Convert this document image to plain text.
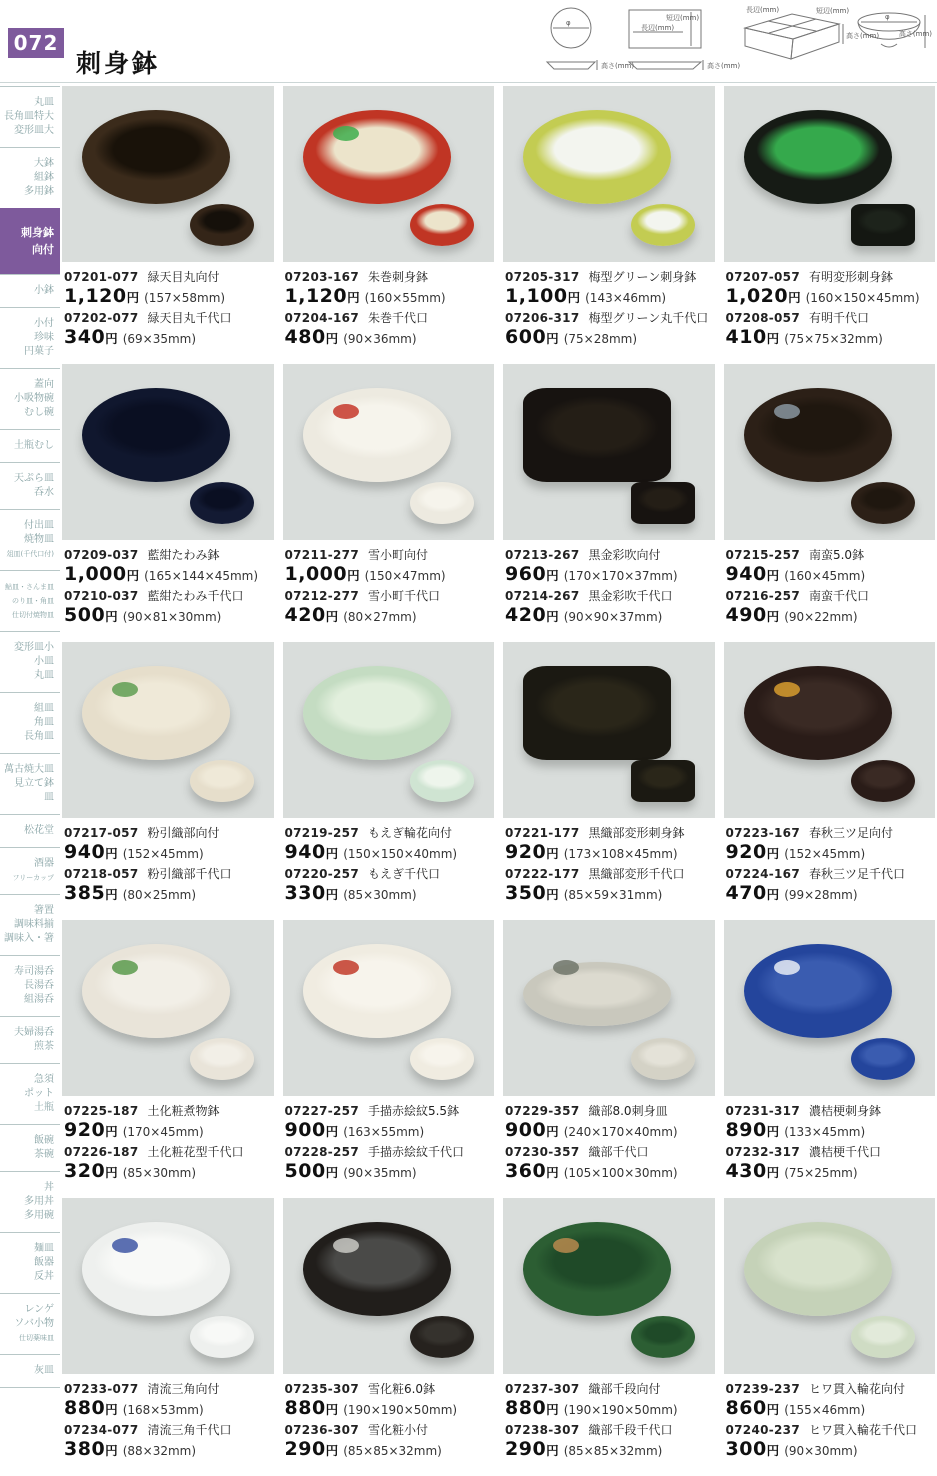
072
刺身鉢
φ
高さ(mm)
長辺(mm)
短辺(mm)
高さ(mm)
長辺(mm)	短辺(mm)
高さ(mm)
φ
高さ(mm)
丸皿
長角皿特大
変形皿大
大鉢
組鉢
多用鉢
刺身鉢
向付
小鉢
小付
珍味
円菓子
蓋向
小吸物碗
むし碗
土瓶むし
天ぷら皿
呑水
付出皿
焼物皿
俎皿(千代口付)
鮎皿・さんま皿
のり皿・角皿
仕切付焼物皿
変形皿小
小皿
丸皿
組皿
角皿
長角皿
萬古焼大皿
見立て鉢
皿
松花堂
酒器
フリーカップ
箸置
調味料揃
調味入・箸
寿司湯呑
長湯呑
組湯呑
夫婦湯呑
煎茶
急須
ポット
土瓶
飯碗
茶碗
丼
多用丼
多用碗
麺皿
飯器
反丼
レンゲ
ソバ小物
仕切薬味皿
灰皿
07201-077 緑天目丸向付
1,120円 (157×58mm)
07202-077 緑天目丸千代口
340円 (69×35mm)
07203-167 朱巻刺身鉢
1,120円 (160×55mm)
07204-167 朱巻千代口
480円 (90×36mm)
07205-317 梅型グリーン刺身鉢
1,100円 (143×46mm)
07206-317 梅型グリーン丸千代口
600円 (75×28mm)
07207-057 有明変形刺身鉢
1,020円 (160×150×45mm)
07208-057 有明千代口
410円 (75×75×32mm)
07209-037 藍紺たわみ鉢
1,000円 (165×144×45mm)
07210-037 藍紺たわみ千代口
500円 (90×81×30mm)
07211-277 雪小町向付
1,000円 (150×47mm)
07212-277 雪小町千代口
420円 (80×27mm)
07213-267 黒金彩吹向付
960円 (170×170×37mm)
07214-267 黒金彩吹千代口
420円 (90×90×37mm)
07215-257 南蛮5.0鉢
940円 (160×45mm)
07216-257 南蛮千代口
490円 (90×22mm)
07217-057 粉引織部向付
940円 (152×45mm)
07218-057 粉引織部千代口
385円 (80×25mm)
07219-257 もえぎ輪花向付
940円 (150×150×40mm)
07220-257 もえぎ千代口
330円 (85×30mm)
07221-177 黒織部変形刺身鉢
920円 (173×108×45mm)
07222-177 黒織部変形千代口
350円 (85×59×31mm)
07223-167 春秋三ツ足向付
920円 (152×45mm)
07224-167 春秋三ツ足千代口
470円 (99×28mm)
07225-187 土化粧煮物鉢
920円 (170×45mm)
07226-187 土化粧花型千代口
320円 (85×30mm)
07227-257 手描赤絵紋5.5鉢
900円 (163×55mm)
07228-257 手描赤絵紋千代口
500円 (90×35mm)
07229-357 織部8.0刺身皿
900円 (240×170×40mm)
07230-357 織部千代口
360円 (105×100×30mm)
07231-317 濃桔梗刺身鉢
890円 (133×45mm)
07232-317 濃桔梗千代口
430円 (75×25mm)
07233-077 清流三角向付
880円 (168×53mm)
07234-077 清流三角千代口
380円 (88×32mm)
07235-307 雪化粧6.0鉢
880円 (190×190×50mm)
07236-307 雪化粧小付
290円 (85×85×32mm)
07237-307 織部千段向付
880円 (190×190×50mm)
07238-307 織部千段千代口
290円 (85×85×32mm)
07239-237 ヒワ貫入輪花向付
860円 (155×46mm)
07240-237 ヒワ貫入輪花千代口
300円 (90×30mm)
